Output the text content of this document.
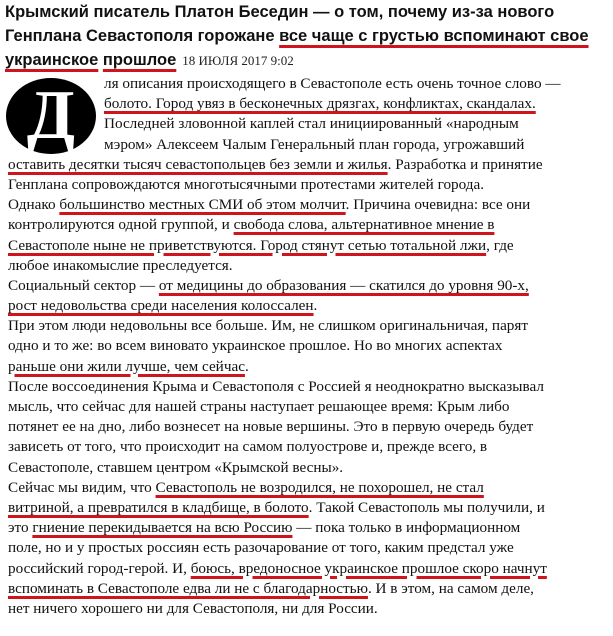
Крымский писатель Платон Беседин — о том, почему из-за нового Генплана Севастополя горожане все чаще с грустью вспоминают свое украинское прошлое 18 ИЮЛЯ 2017 9:02
Д	ля описания происходящего в Севастополе есть очень точное слово —
болото. Город увяз в бесконечных дрязгах, конфликтах, скандалах.
Последней зловонной каплей стал инициированный «народным
мэром» Алексеем Чалым Генеральный план города, угрожавший
оставить десятки тысяч севастопольцев без земли и жилья. Разработка и принятие
Генплана сопровождаются многотысячными протестами жителей города.
Однако большинство местных СМИ об этом молчит. Причина очевидна: все они
контролируются одной группой, и свобода слова, альтернативное мнение в
Севастополе ныне не приветствуются. Город стянут сетью тотальной лжи, где
любое инакомыслие преследуется.
Социальный сектор — от медицины до образования — скатился до уровня 90-х,
рост недовольства среди населения колоссален.
При этом люди недовольны все больше. Им, не слишком оригинальничая, парят
одно и то же: во всем виновато украинское прошлое. Но во многих аспектах
раньше они жили лучше, чем сейчас.
После воссоединения Крыма и Севастополя с Россией я неоднократно высказывал
мысль, что сейчас для нашей страны наступает решающее время: Крым либо
потянет ее на дно, либо вознесет на новые вершины. Это в первую очередь будет
зависеть от того, что происходит на самом полуострове и, прежде всего, в
Севастополе, ставшем центром «Крымской весны».
Сейчас мы видим, что Севастополь не возродился, не похорошел, не стал
витриной, а превратился в кладбище, в болото. Такой Севастополь мы получили, и
это гниение перекидывается на всю Россию — пока только в информационном
поле, но и у простых россиян есть разочарование от того, каким предстал уже
российский город-герой. И, боюсь, вредоносное украинское прошлое скоро начнут
вспоминать в Севастополе едва ли не с благодарностью. И в этом, на самом деле,
нет ничего хорошего ни для Севастополя, ни для России.
